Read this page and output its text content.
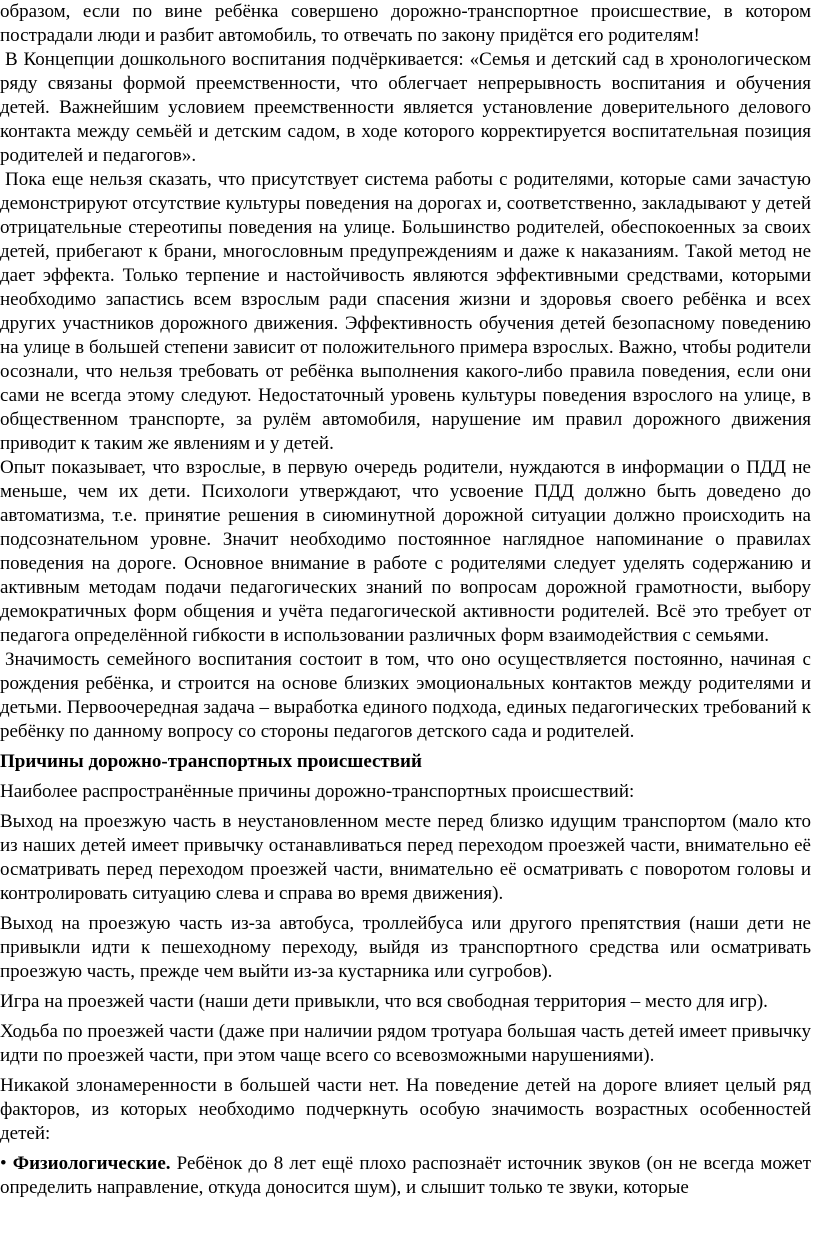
образом, если по вине ребёнка совершено дорожно-транспортное происшествие, в котором пострадали люди и разбит автомобиль, то отвечать по закону придётся его родителям!

В Концепции дошкольного воспитания подчёркивается: «Семья и детский сад в хронологическом ряду связаны формой преемственности, что облегчает непрерывность воспитания и обучения детей. Важнейшим условием преемственности является установление доверительного делового контакта между семьёй и детским садом, в ходе которого корректируется воспитательная позиция родителей и педагогов».

Пока еще нельзя сказать, что присутствует система работы с родителями, которые сами зачастую демонстрируют отсутствие культуры поведения на дорогах и, соответственно, закладывают у детей отрицательные стереотипы поведения на улице. Большинство родителей, обеспокоенных за своих детей, прибегают к брани, многословным предупреждениям и даже к наказаниям. Такой метод не дает эффекта. Только терпение и настойчивость являются эффективными средствами, которыми необходимо запастись всем взрослым ради спасения жизни и здоровья своего ребёнка и всех других участников дорожного движения. Эффективность обучения детей безопасному поведению на улице в большей степени зависит от положительного примера взрослых. Важно, чтобы родители осознали, что нельзя требовать от ребёнка выполнения какого-либо правила поведения, если они сами не всегда этому следуют. Недостаточный уровень культуры поведения взрослого на улице, в общественном транспорте, за рулём автомобиля, нарушение им правил дорожного движения приводит к таким же явлениям и у детей.

Опыт показывает, что взрослые, в первую очередь родители, нуждаются в информации о ПДД не меньше, чем их дети. Психологи утверждают, что усвоение ПДД должно быть доведено до автоматизма, т.е. принятие решения в сиюминутной дорожной ситуации должно происходить на подсознательном уровне. Значит необходимо постоянное наглядное напоминание о правилах поведения на дороге. Основное внимание в работе с родителями следует уделять содержанию и активным методам подачи педагогических знаний по вопросам дорожной грамотности, выбору демократичных форм общения и учёта педагогической активности родителей. Всё это требует от педагога определённой гибкости в использовании различных форм взаимодействия с семьями.

Значимость семейного воспитания состоит в том, что оно осуществляется постоянно, начиная с рождения ребёнка, и строится на основе близких эмоциональных контактов между родителями и детьми. Первоочередная задача – выработка единого подхода, единых педагогических требований к ребёнку по данному вопросу со стороны педагогов детского сада и родителей.

Причины дорожно-транспортных происшествий

Наиболее распространённые причины дорожно-транспортных происшествий:

Выход на проезжую часть в неустановленном месте перед близко идущим транспортом (мало кто из наших детей имеет привычку останавливаться перед переходом проезжей части, внимательно её осматривать перед переходом проезжей части, внимательно её осматривать с поворотом головы и контролировать ситуацию слева и справа во время движения).

Выход на проезжую часть из-за автобуса, троллейбуса или другого препятствия (наши дети не привыкли идти к пешеходному переходу, выйдя из транспортного средства или осматривать проезжую часть, прежде чем выйти из-за кустарника или сугробов).

Игра на проезжей части (наши дети привыкли, что вся свободная территория – место для игр).

Ходьба по проезжей части (даже при наличии рядом тротуара большая часть детей имеет привычку идти по проезжей части, при этом чаще всего со всевозможными нарушениями).

Никакой злонамеренности в большей части нет. На поведение детей на дороге влияет целый ряд факторов, из которых необходимо подчеркнуть особую значимость возрастных особенностей детей:

• Физиологические. Ребёнок до 8 лет ещё плохо распознаёт источник звуков (он не всегда может определить направление, откуда доносится шум), и слышит только те звуки, которые
